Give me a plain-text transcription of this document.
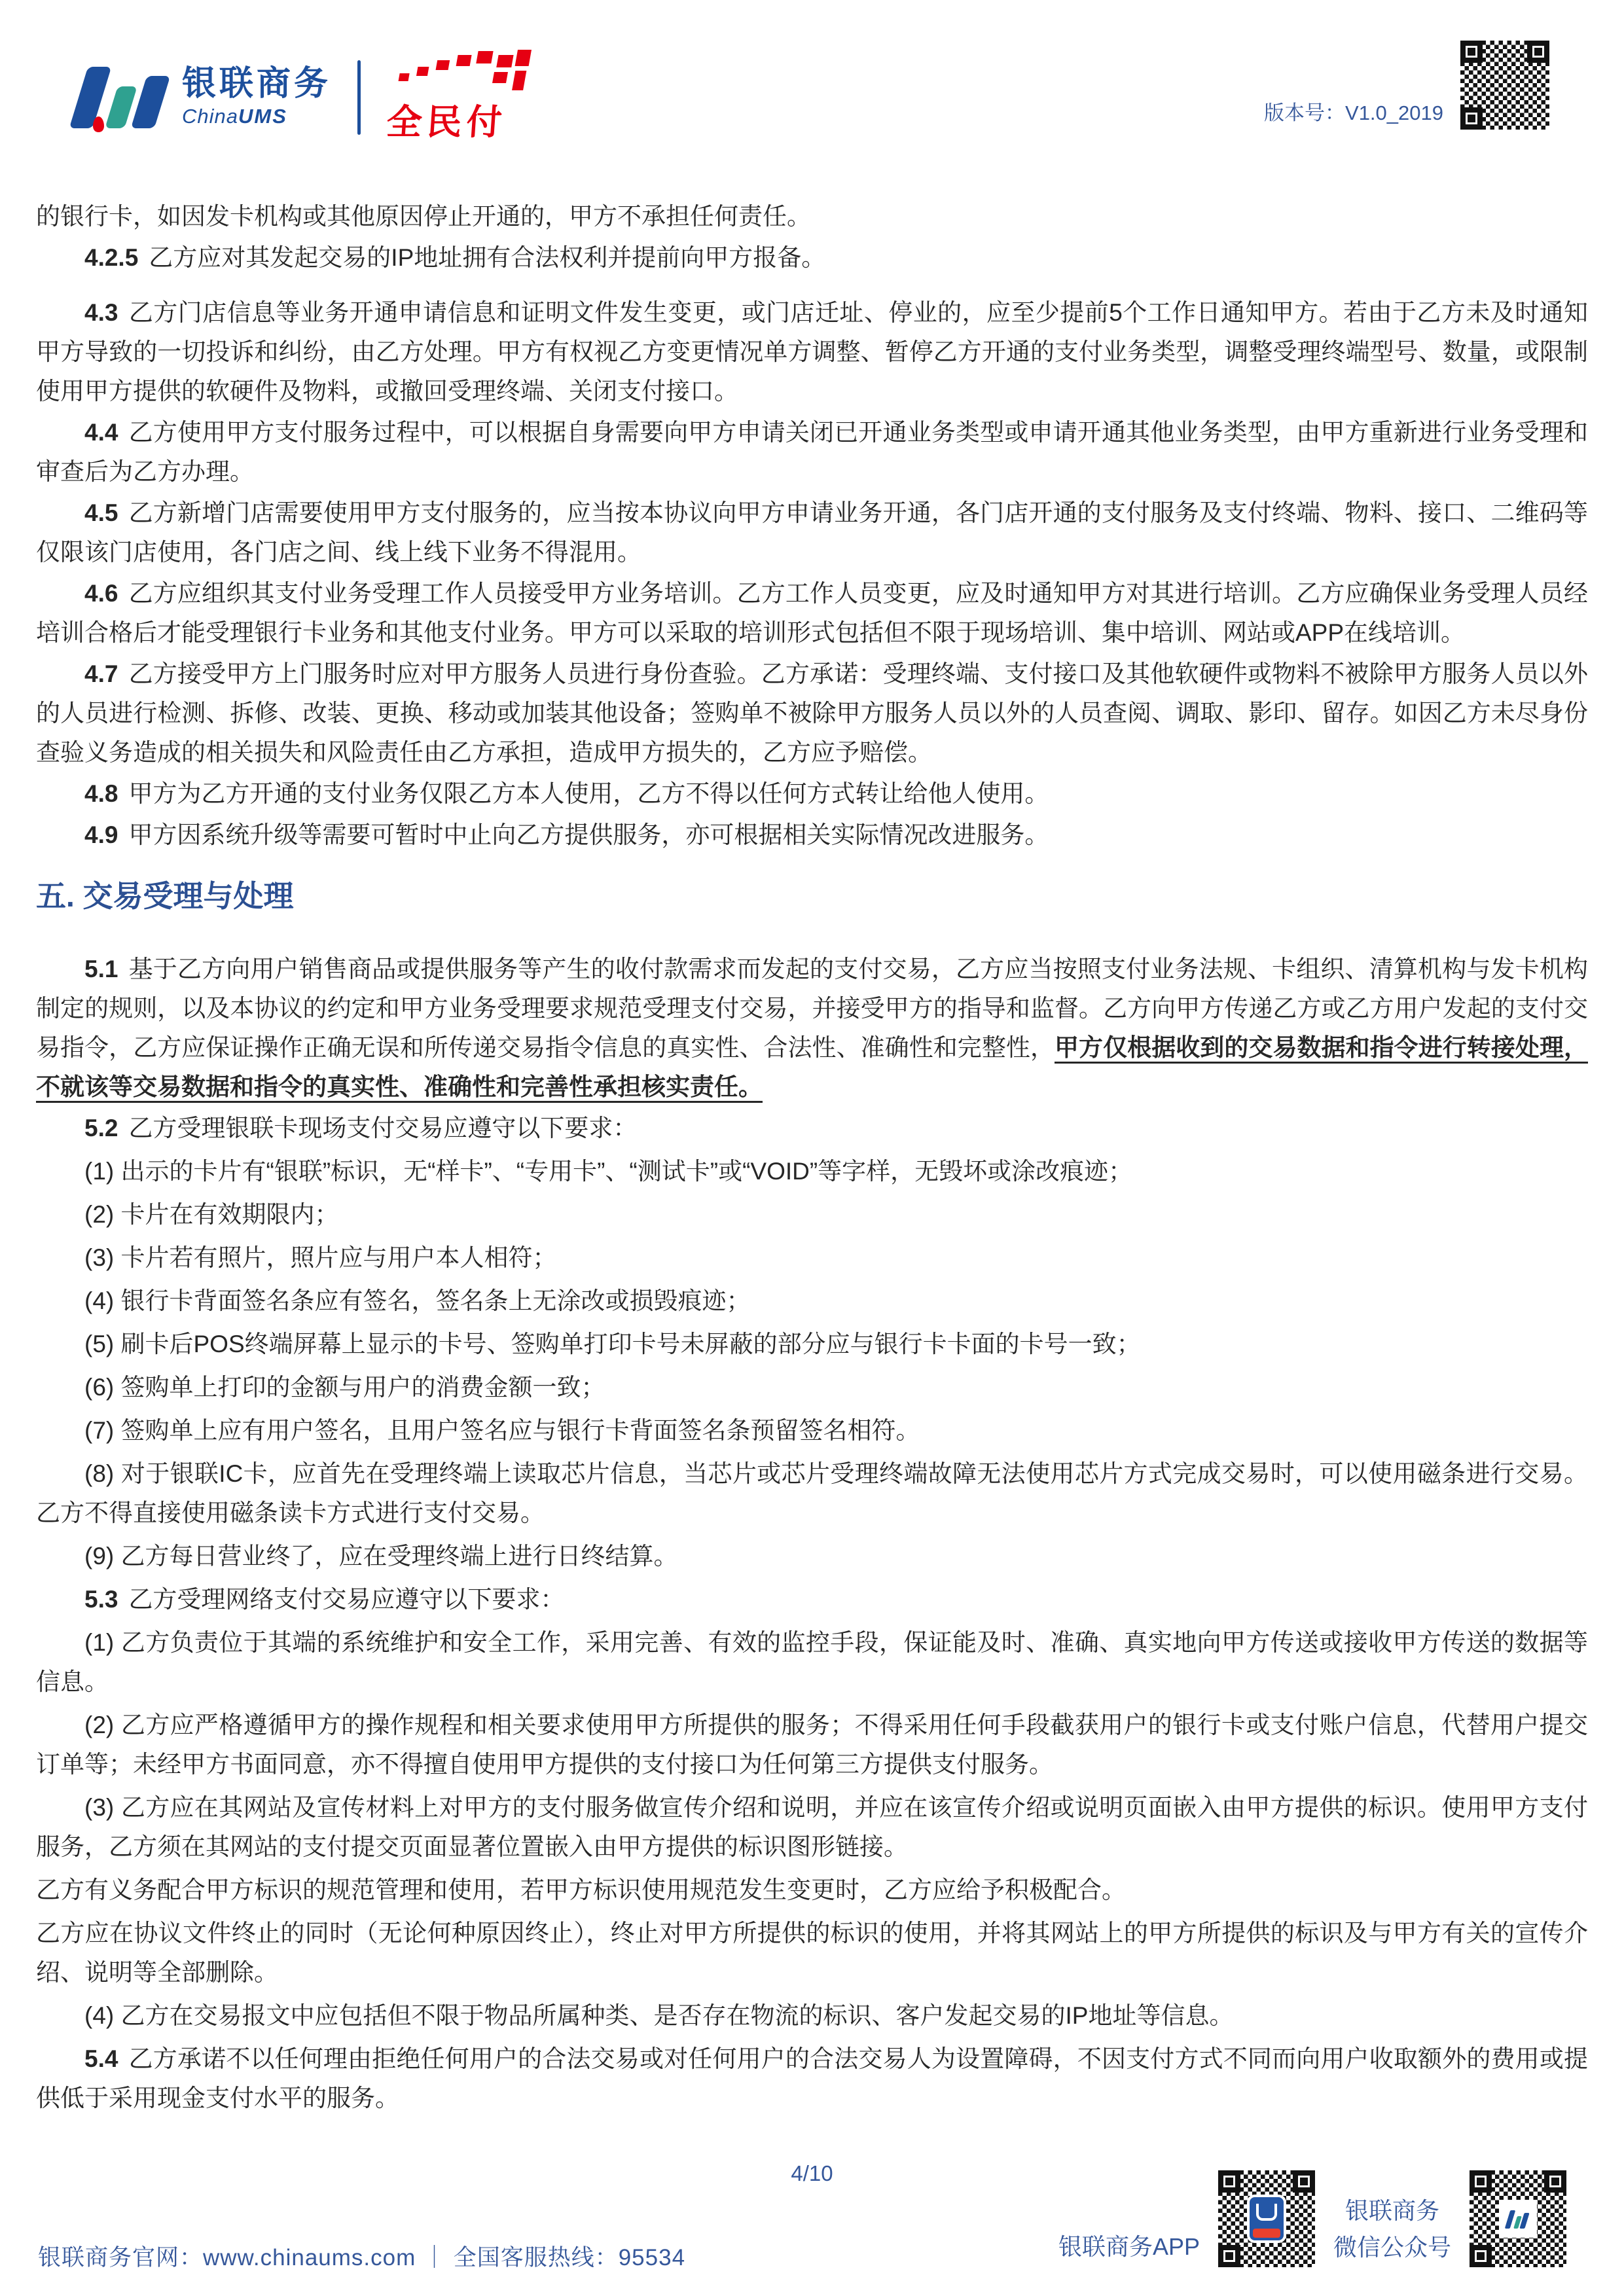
银联商务
ChinaUMS	全民付	版本号：V1.0_2019

的银行卡，如因发卡机构或其他原因停止开通的，甲方不承担任何责任。

4.2.5 乙方应对其发起交易的IP地址拥有合法权利并提前向甲方报备。

4.3 乙方门店信息等业务开通申请信息和证明文件发生变更，或门店迁址、停业的，应至少提前5个工作日通知甲方。若由于乙方未及时通知甲方导致的一切投诉和纠纷，由乙方处理。甲方有权视乙方变更情况单方调整、暂停乙方开通的支付业务类型，调整受理终端型号、数量，或限制使用甲方提供的软硬件及物料，或撤回受理终端、关闭支付接口。

4.4 乙方使用甲方支付服务过程中，可以根据自身需要向甲方申请关闭已开通业务类型或申请开通其他业务类型，由甲方重新进行业务受理和审查后为乙方办理。

4.5 乙方新增门店需要使用甲方支付服务的，应当按本协议向甲方申请业务开通，各门店开通的支付服务及支付终端、物料、接口、二维码等仅限该门店使用，各门店之间、线上线下业务不得混用。

4.6 乙方应组织其支付业务受理工作人员接受甲方业务培训。乙方工作人员变更，应及时通知甲方对其进行培训。乙方应确保业务受理人员经培训合格后才能受理银行卡业务和其他支付业务。甲方可以采取的培训形式包括但不限于现场培训、集中培训、网站或APP在线培训。

4.7 乙方接受甲方上门服务时应对甲方服务人员进行身份查验。乙方承诺：受理终端、支付接口及其他软硬件或物料不被除甲方服务人员以外的人员进行检测、拆修、改装、更换、移动或加装其他设备；签购单不被除甲方服务人员以外的人员查阅、调取、影印、留存。如因乙方未尽身份查验义务造成的相关损失和风险责任由乙方承担，造成甲方损失的，乙方应予赔偿。

4.8 甲方为乙方开通的支付业务仅限乙方本人使用，乙方不得以任何方式转让给他人使用。

4.9 甲方因系统升级等需要可暂时中止向乙方提供服务，亦可根据相关实际情况改进服务。

五. 交易受理与处理

5.1 基于乙方向用户销售商品或提供服务等产生的收付款需求而发起的支付交易，乙方应当按照支付业务法规、卡组织、清算机构与发卡机构制定的规则，以及本协议的约定和甲方业务受理要求规范受理支付交易，并接受甲方的指导和监督。乙方向甲方传递乙方或乙方用户发起的支付交易指令，乙方应保证操作正确无误和所传递交易指令信息的真实性、合法性、准确性和完整性，甲方仅根据收到的交易数据和指令进行转接处理，不就该等交易数据和指令的真实性、准确性和完善性承担核实责任。

5.2 乙方受理银联卡现场支付交易应遵守以下要求：

(1) 出示的卡片有“银联”标识，无“样卡”、“专用卡”、“测试卡”或“VOID”等字样，无毁坏或涂改痕迹；

(2) 卡片在有效期限内；

(3) 卡片若有照片，照片应与用户本人相符；

(4) 银行卡背面签名条应有签名，签名条上无涂改或损毁痕迹；

(5) 刷卡后POS终端屏幕上显示的卡号、签购单打印卡号未屏蔽的部分应与银行卡卡面的卡号一致；

(6) 签购单上打印的金额与用户的消费金额一致；

(7) 签购单上应有用户签名，且用户签名应与银行卡背面签名条预留签名相符。

(8) 对于银联IC卡，应首先在受理终端上读取芯片信息，当芯片或芯片受理终端故障无法使用芯片方式完成交易时，可以使用磁条进行交易。乙方不得直接使用磁条读卡方式进行支付交易。

(9) 乙方每日营业终了，应在受理终端上进行日终结算。

5.3 乙方受理网络支付交易应遵守以下要求：

(1) 乙方负责位于其端的系统维护和安全工作，采用完善、有效的监控手段，保证能及时、准确、真实地向甲方传送或接收甲方传送的数据等信息。

(2) 乙方应严格遵循甲方的操作规程和相关要求使用甲方所提供的服务；不得采用任何手段截获用户的银行卡或支付账户信息，代替用户提交订单等；未经甲方书面同意，亦不得擅自使用甲方提供的支付接口为任何第三方提供支付服务。

(3) 乙方应在其网站及宣传材料上对甲方的支付服务做宣传介绍和说明，并应在该宣传介绍或说明页面嵌入由甲方提供的标识。使用甲方支付服务，乙方须在其网站的支付提交页面显著位置嵌入由甲方提供的标识图形链接。

乙方有义务配合甲方标识的规范管理和使用，若甲方标识使用规范发生变更时，乙方应给予积极配合。

乙方应在协议文件终止的同时（无论何种原因终止），终止对甲方所提供的标识的使用，并将其网站上的甲方所提供的标识及与甲方有关的宣传介绍、说明等全部删除。

(4) 乙方在交易报文中应包括但不限于物品所属种类、是否存在物流的标识、客户发起交易的IP地址等信息。

5.4 乙方承诺不以任何理由拒绝任何用户的合法交易或对任何用户的合法交易人为设置障碍，不因支付方式不同而向用户收取额外的费用或提供低于采用现金支付水平的服务。

4/10
银联商务官网：www.chinaums.com ｜ 全国客服热线：95534	银联商务APP
银联商务
微信公众号
